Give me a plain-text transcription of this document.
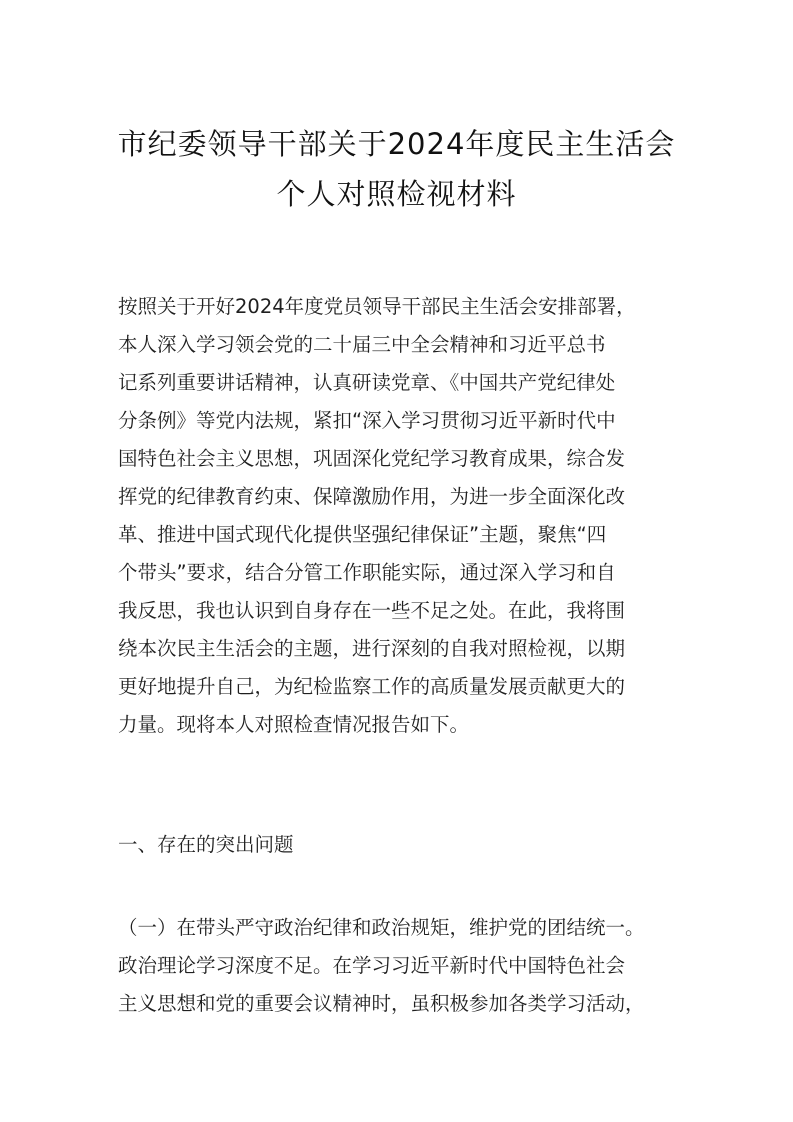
市纪委领导干部关于2024年度民主生活会
个人对照检视材料
按照关于开好2024年度党员领导干部民主生活会安排部署，
本人深入学习领会党的二十届三中全会精神和习近平总书
记系列重要讲话精神，认真研读党章、《中国共产党纪律处
分条例》等党内法规，紧扣“深入学习贯彻习近平新时代中
国特色社会主义思想，巩固深化党纪学习教育成果，综合发
挥党的纪律教育约束、保障激励作用，为进一步全面深化改
革、推进中国式现代化提供坚强纪律保证”主题，聚焦“四
个带头”要求，结合分管工作职能实际，通过深入学习和自
我反思，我也认识到自身存在一些不足之处。在此，我将围
绕本次民主生活会的主题，进行深刻的自我对照检视，以期
更好地提升自己，为纪检监察工作的高质量发展贡献更大的
力量。现将本人对照检查情况报告如下。
一、存在的突出问题
（一）在带头严守政治纪律和政治规矩，维护党的团结统一。
政治理论学习深度不足。在学习习近平新时代中国特色社会
主义思想和党的重要会议精神时，虽积极参加各类学习活动，
